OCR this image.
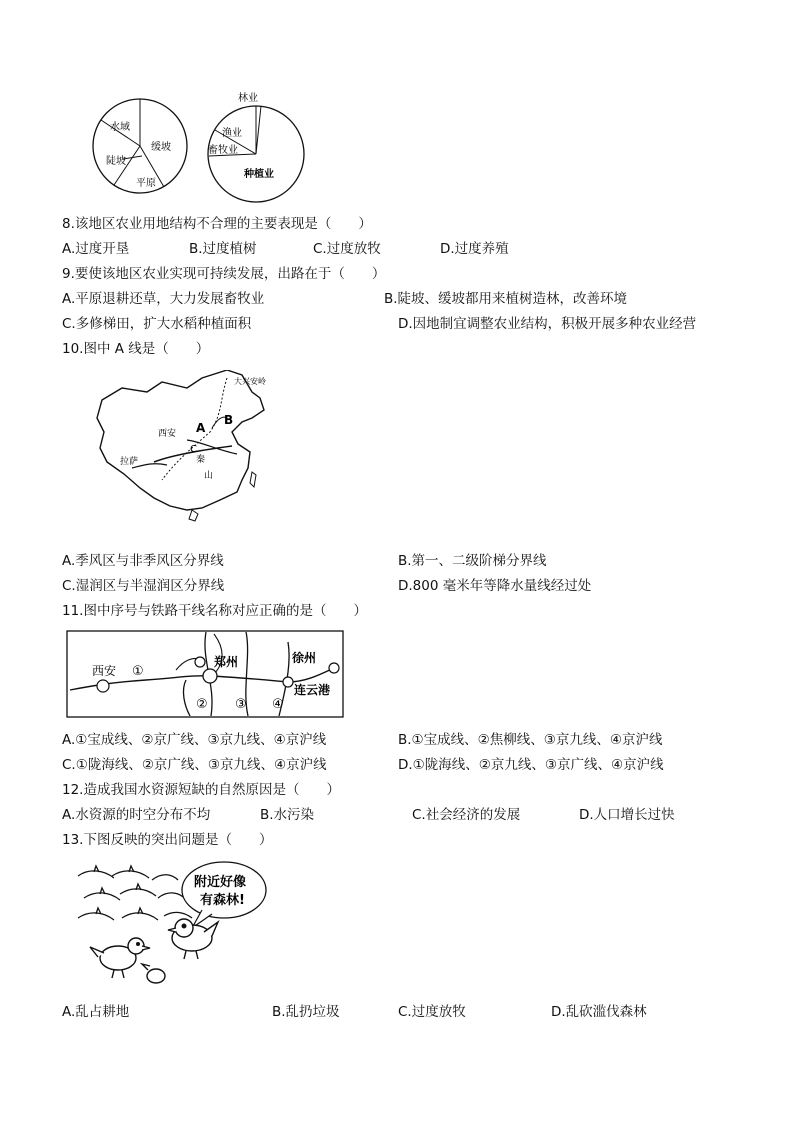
水域
缓坡
陡坡
平原
林业
渔业
畜牧业
种植业
8.该地区农业用地结构不合理的主要表现是（　　）
A.过度开垦	B.过度植树	C.过度放牧	D.过度养殖
9.要使该地区农业实现可持续发展，出路在于（　　）
A.平原退耕还草，大力发展畜牧业	B.陡坡、缓坡都用来植树造林，改善环境
C.多修梯田，扩大水稻种植面积	D.因地制宜调整农业结构，积极开展多种农业经营
10.图中 A 线是（　　）
大兴安岭
A
B
C
西安
秦
山
拉萨
A.季风区与非季风区分界线	B.第一、二级阶梯分界线
C.湿润区与半湿润区分界线	D.800 毫米年等降水量线经过处
11.图中序号与铁路干线名称对应正确的是（　　）
西安 ①
郑州	徐州
连云港
② ③ ④
A.①宝成线、②京广线、③京九线、④京沪线	B.①宝成线、②焦柳线、③京九线、④京沪线
C.①陇海线、②京广线、③京九线、④京沪线	D.①陇海线、②京九线、③京广线、④京沪线
12.造成我国水资源短缺的自然原因是（　　）
A.水资源的时空分布不均	B.水污染	C.社会经济的发展	D.人口增长过快
13.下图反映的突出问题是（　　）
附近好像
有森林!
A.乱占耕地	B.乱扔垃圾	C.过度放牧	D.乱砍滥伐森林
